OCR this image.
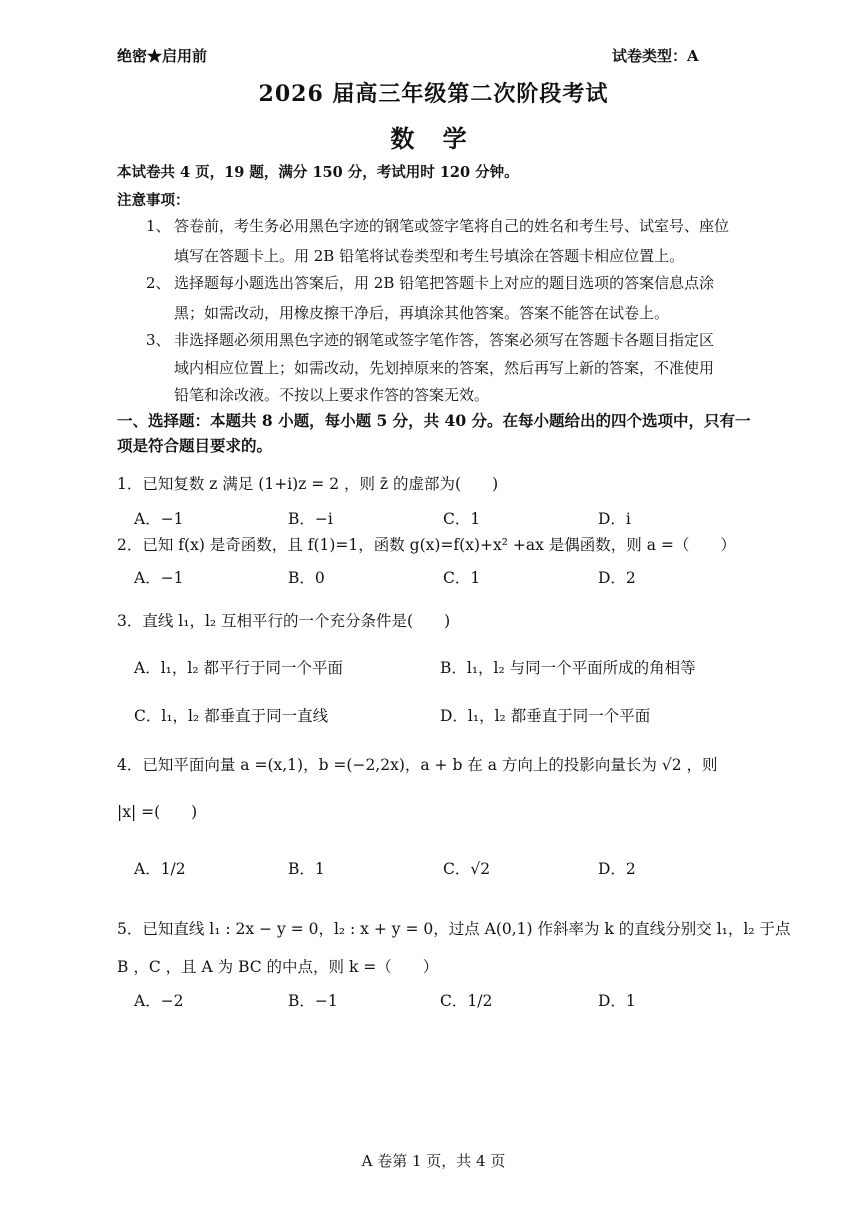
绝密★启用前	试卷类型：A
2026 届高三年级第二次阶段考试
数 学
本试卷共 4 页，19 题，满分 150 分，考试用时 120 分钟。
注意事项：
1、 答卷前，考生务必用黑色字迹的钢笔或签字笔将自己的姓名和考生号、试室号、座位
填写在答题卡上。用 2B 铅笔将试卷类型和考生号填涂在答题卡相应位置上。
2、 选择题每小题选出答案后，用 2B 铅笔把答题卡上对应的题目选项的答案信息点涂
黑；如需改动，用橡皮擦干净后，再填涂其他答案。答案不能答在试卷上。
3、 非选择题必须用黑色字迹的钢笔或签字笔作答，答案必须写在答题卡各题目指定区
域内相应位置上；如需改动，先划掉原来的答案，然后再写上新的答案，不准使用
铅笔和涂改液。不按以上要求作答的答案无效。
一、选择题：本题共 8 小题，每小题 5 分，共 40 分。在每小题给出的四个选项中，只有一
项是符合题目要求的。
1．已知复数 z 满足 (1+i)z = 2 ，则 z̄ 的虚部为(　　)
A．−1	B．−i	C．1	D．i
2．已知 f(x) 是奇函数，且 f(1)=1，函数 g(x)=f(x)+x² +ax 是偶函数，则 a =（　　）
A．−1	B．0	C．1	D．2
3．直线 l₁，l₂ 互相平行的一个充分条件是(　　)
A．l₁，l₂ 都平行于同一个平面	B．l₁，l₂ 与同一个平面所成的角相等
C．l₁，l₂ 都垂直于同一直线	D．l₁，l₂ 都垂直于同一个平面
4．已知平面向量 a =(x,1)，b =(−2,2x)，a + b 在 a 方向上的投影向量长为 √2 ，则
|x| =(　　)
A．1/2	B．1	C．√2	D．2
5．已知直线 l₁ : 2x − y = 0，l₂ : x + y = 0，过点 A(0,1) 作斜率为 k 的直线分别交 l₁，l₂ 于点
B ，C ，且 A 为 BC 的中点，则 k =（　　）
A．−2	B．−1	C．1/2	D．1
A 卷第 1 页，共 4 页
